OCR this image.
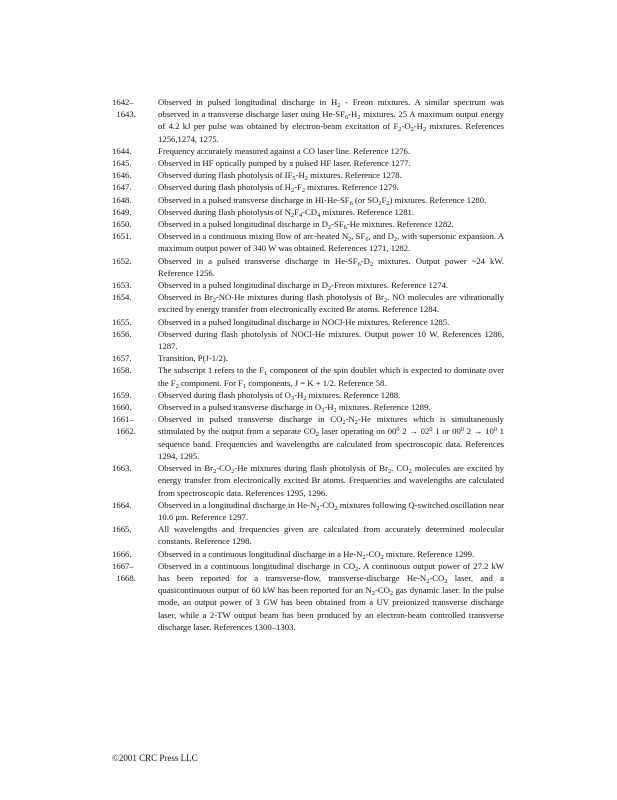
1642–
1643.
Observed in pulsed longitudinal discharge in $H_2$ - Freon mixtures. A similar spectrum was observed in a transverse discharge laser using $He-SF_6-H_2$ mixtures. 25 A maximum output energy of 4.2 kJ per pulse was obtained by electron-beam excitation of $F_2-O_2-H_2$ mixtures. References 1256,1274, 1275.
1644.	Frequency accurately measured against a CO laser line. Reference 1276.
1645.	Observed in HF optically pumped by a pulsed HF laser. Reference 1277.
1646.	Observed during flash photolysis of $IF_5-H_2$ mixtures. Reference 1278.
1647.	Observed during flash photolysis of $H_2-F_2$ mixtures. Reference 1279.
1648.	Observed in a pulsed transverse discharge in $HI-He-SF_6$ (or $SO_2F_2$) mixtures. Reference 1280.
1649.	Observed during flash photolysis of $N_2F_4-CD_4$ mixtures. Reference 1281.
1650.	Observed in a pulsed longitudinal discharge in $D_2-SF_6-He$ mixtures. Reference 1282.
1651.	Observed in a continuous mixing flow of arc-heated $N_2$, $SF_6$, and $D_2$, with supersonic expansion. A maximum output power of 340 W was obtained. References 1271, 1282.
1652.	Observed in a pulsed transverse discharge in $He-SF_6-D_2$ mixtures. Output power ~24 kW. Reference 1256.
1653.	Observed in a pulsed longitudinal discharge in $D_2$-Freon mixtures. Reference 1274.
1654.	Observed in $Br_2-NO-He$ mixtures during flash photolysis of $Br_2$. NO molecules are vibrationally excited by energy transfer from electronically excited Br atoms. Reference 1284.
1655.	Observed in a pulsed longitudinal discharge in NOCl-He mixtures. Reference 1285.
1656.	Observed during flash photolysis of NOCl-He mixtures. Output power 10 W. References 1286, 1287.
1657.	Transition, P(J-1/2).
1658.	The subscript 1 refers to the $F_1$ component of the spin doublet which is expected to dominate over the $F_2$ component. For $F_1$ components, J = K + 1/2. Reference 58.
1659.	Observed during flash photolysis of $O_3-H_2$ mixtures. Reference 1288.
1660.	Observed in a pulsed transverse discharge in $O_3-H_2$ mixtures. Reference 1289.
1661–
1662.
Observed in pulsed transverse discharge in $CO_2-N_2-He$ mixtures which is simultaneously stimulated by the output from a separate $CO_2$ laser operating on $00^0$ $2 \to 02^0$ 1 or $00^0$ $2 \to 10^0$ 1 sequence band. Frequencies and wavelengths are calculated from spectroscopic data. References 1294, 1295.
1663.	Observed in $Br_2-CO_2-He$ mixtures during flash photolysis of $Br_2$. $CO_2$ molecules are excited by energy transfer from electronically excited Br atoms. Frequencies and wavelengths are calculated from spectroscopic data. References 1295, 1296.
1664.	Observed in a longitudinal discharge in $He-N_2-CO_2$ mixtures following Q-switched oscillation near 10.6 μm. Reference 1297.
1665.	All wavelengths and frequencies given are calculated from accurately determined molecular constants. Reference 1298.
1666.	Observed in a continuous longitudinal discharge in a $He-N_2-CO_2$ mixture. Reference 1299.
1667–
1668.
Observed in a continuous longitudinal discharge in $CO_2$. A continuous output power of 27.2 kW has been reported for a transverse-flow, transverse-discharge $He-N_2-CO_2$ laser, and a quasicontinuous output of 60 kW has been reported for an $N_2-CO_2$ gas dynamic laser. In the pulse mode, an output power of 3 GW has been obtained from a UV preionized transverse discharge laser, while a 2-TW output beam has been produced by an electron-beam controlled transverse discharge laser. References 1300–1303.
©2001 CRC Press LLC
